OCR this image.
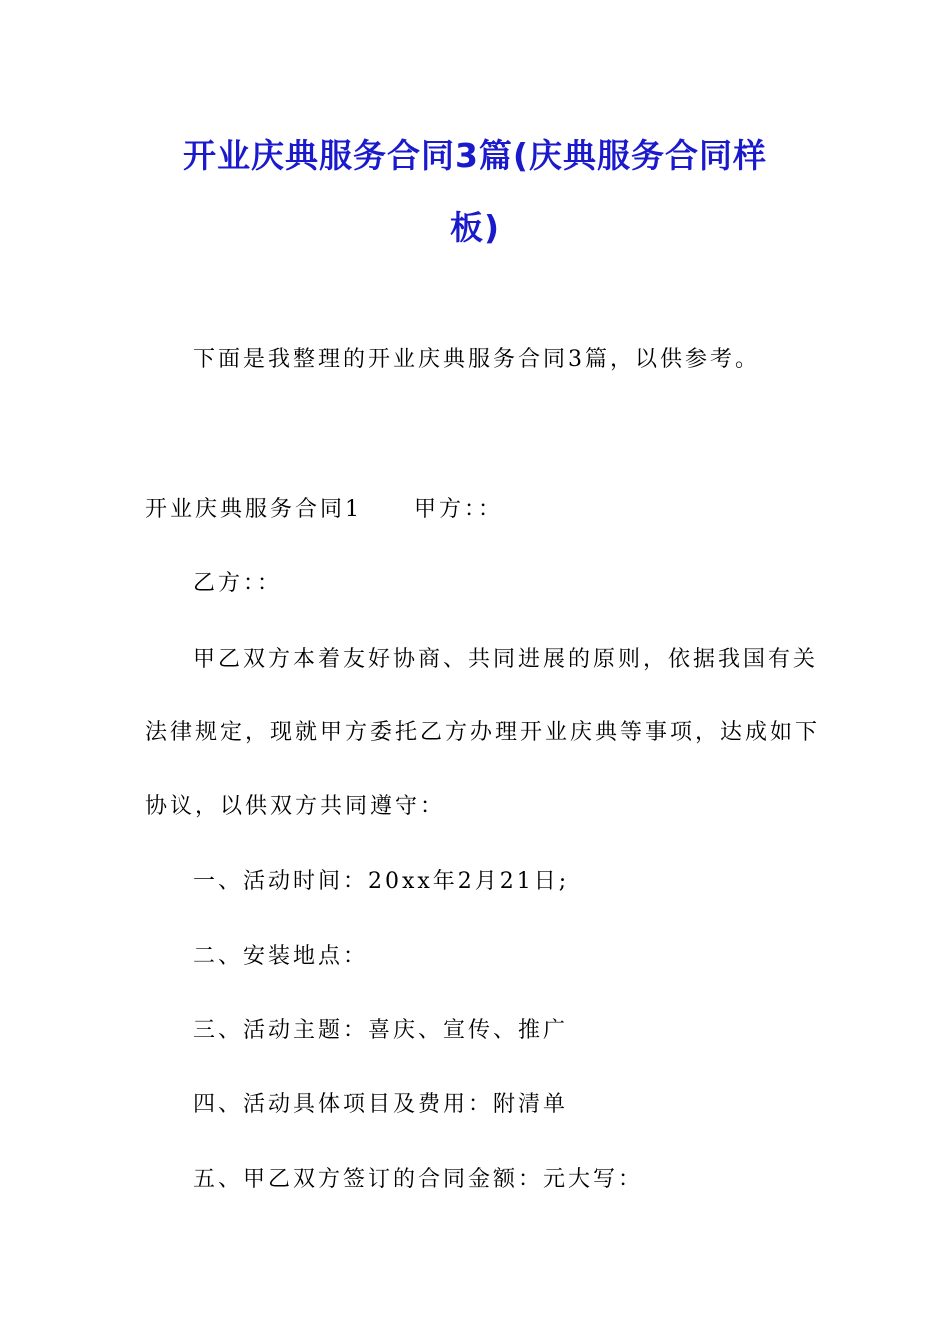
开业庆典服务合同3篇(庆典服务合同样
板)
下面是我整理的开业庆典服务合同3篇，以供参考。
开业庆典服务合同1 甲方：：
乙方：：
甲乙双方本着友好协商、共同进展的原则，依据我国有关
法律规定，现就甲方委托乙方办理开业庆典等事项，达成如下
协议，以供双方共同遵守：
一、活动时间：20xx年2月21日;
二、安装地点：
三、活动主题：喜庆、宣传、推广
四、活动具体项目及费用：附清单
五、甲乙双方签订的合同金额：元大写：
